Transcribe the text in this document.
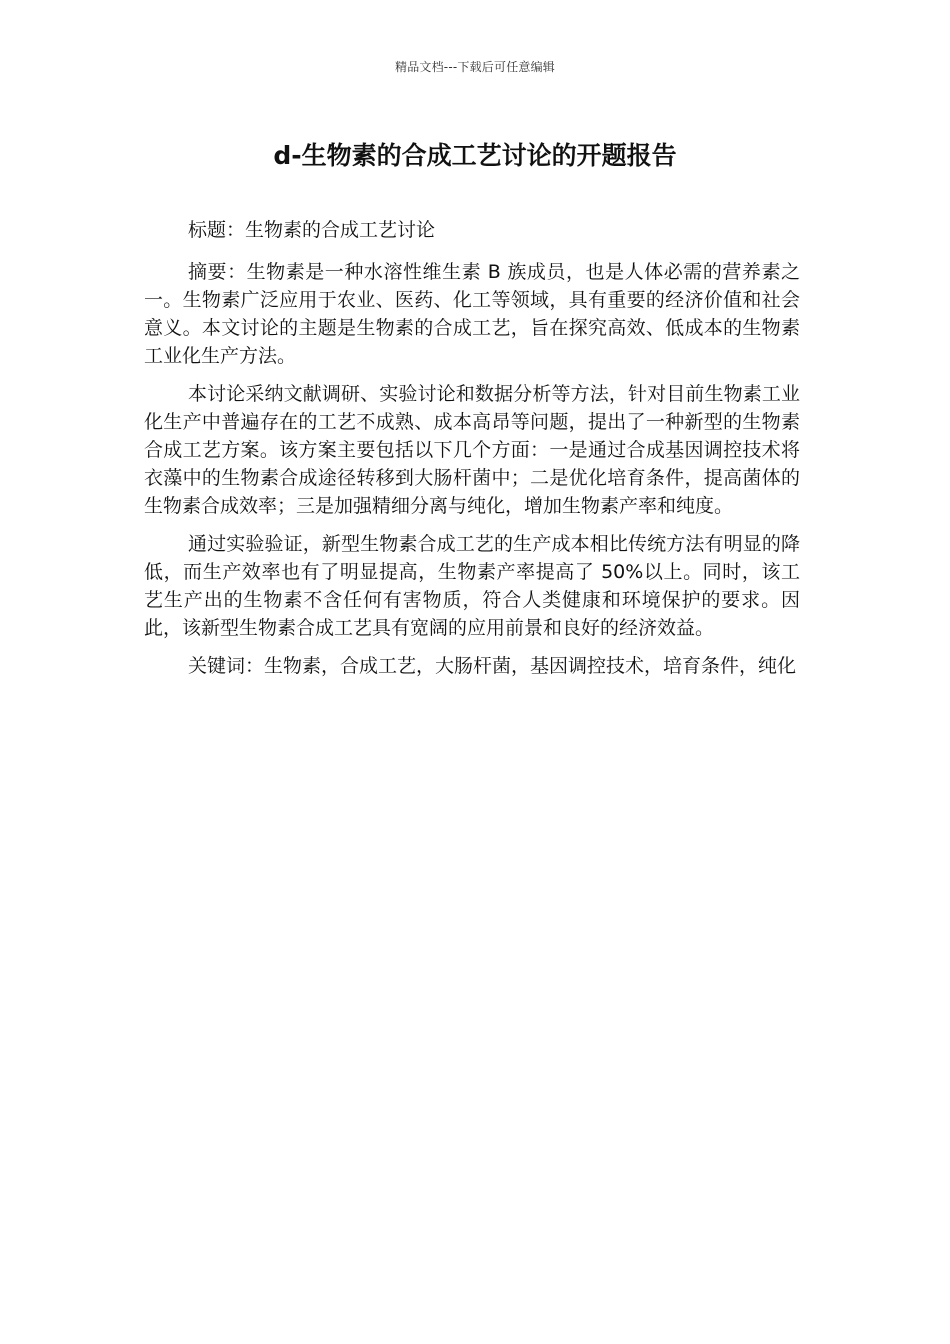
精品文档---下载后可任意编辑
d-生物素的合成工艺讨论的开题报告

标题：生物素的合成工艺讨论

摘要：生物素是一种水溶性维生素 B 族成员，也是人体必需的营养素之一。生物素广泛应用于农业、医药、化工等领域，具有重要的经济价值和社会意义。本文讨论的主题是生物素的合成工艺，旨在探究高效、低成本的生物素工业化生产方法。

本讨论采纳文献调研、实验讨论和数据分析等方法，针对目前生物素工业化生产中普遍存在的工艺不成熟、成本高昂等问题，提出了一种新型的生物素合成工艺方案。该方案主要包括以下几个方面：一是通过合成基因调控技术将衣藻中的生物素合成途径转移到大肠杆菌中；二是优化培育条件，提高菌体的生物素合成效率；三是加强精细分离与纯化，增加生物素产率和纯度。

通过实验验证，新型生物素合成工艺的生产成本相比传统方法有明显的降低，而生产效率也有了明显提高，生物素产率提高了 50%以上。同时，该工艺生产出的生物素不含任何有害物质，符合人类健康和环境保护的要求。因此，该新型生物素合成工艺具有宽阔的应用前景和良好的经济效益。

关键词：生物素，合成工艺，大肠杆菌，基因调控技术，培育条件，纯化
